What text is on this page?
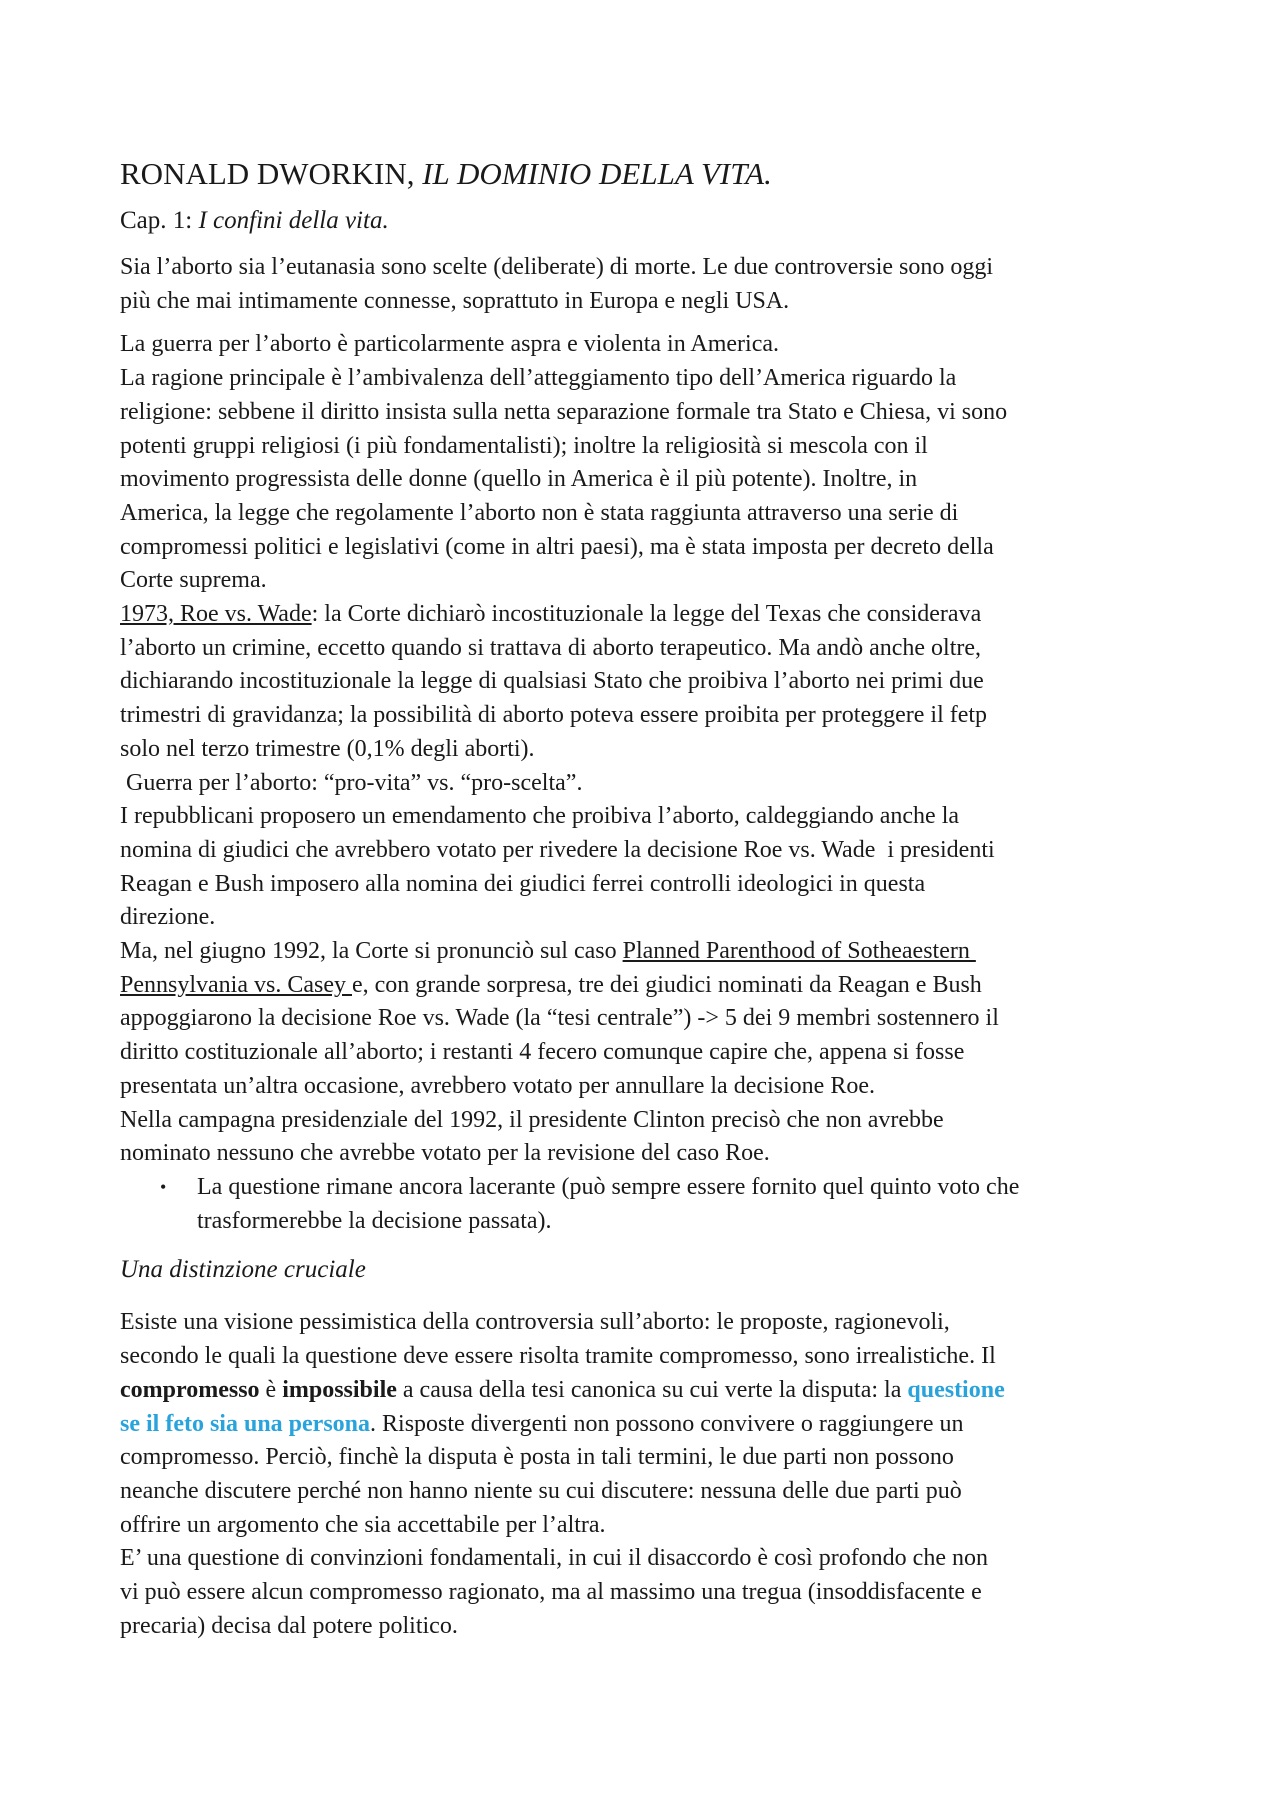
RONALD DWORKIN, IL DOMINIO DELLA VITA.
Cap. 1: I confini della vita.
Sia l’aborto sia l’eutanasia sono scelte (deliberate) di morte. Le due controversie sono oggi
più che mai intimamente connesse, soprattuto in Europa e negli USA.
La guerra per l’aborto è particolarmente aspra e violenta in America.
La ragione principale è l’ambivalenza dell’atteggiamento tipo dell’America riguardo la
religione: sebbene il diritto insista sulla netta separazione formale tra Stato e Chiesa, vi sono
potenti gruppi religiosi (i più fondamentalisti); inoltre la religiosità si mescola con il
movimento progressista delle donne (quello in America è il più potente). Inoltre, in
America, la legge che regolamente l’aborto non è stata raggiunta attraverso una serie di
compromessi politici e legislativi (come in altri paesi), ma è stata imposta per decreto della
Corte suprema.
1973, Roe vs. Wade: la Corte dichiarò incostituzionale la legge del Texas che considerava
l’aborto un crimine, eccetto quando si trattava di aborto terapeutico. Ma andò anche oltre,
dichiarando incostituzionale la legge di qualsiasi Stato che proibiva l’aborto nei primi due
trimestri di gravidanza; la possibilità di aborto poteva essere proibita per proteggere il fetp
solo nel terzo trimestre (0,1% degli aborti).
Guerra per l’aborto: “pro-vita” vs. “pro-scelta”.
I repubblicani proposero un emendamento che proibiva l’aborto, caldeggiando anche la
nomina di giudici che avrebbero votato per rivedere la decisione Roe vs. Wade  i presidenti
Reagan e Bush imposero alla nomina dei giudici ferrei controlli ideologici in questa
direzione.
Ma, nel giugno 1992, la Corte si pronunciò sul caso Planned Parenthood of Sotheaestern
Pennsylvania vs. Casey e, con grande sorpresa, tre dei giudici nominati da Reagan e Bush
appoggiarono la decisione Roe vs. Wade (la “tesi centrale”) -> 5 dei 9 membri sostennero il
diritto costituzionale all’aborto; i restanti 4 fecero comunque capire che, appena si fosse
presentata un’altra occasione, avrebbero votato per annullare la decisione Roe.
Nella campagna presidenziale del 1992, il presidente Clinton precisò che non avrebbe
nominato nessuno che avrebbe votato per la revisione del caso Roe.
• La questione rimane ancora lacerante (può sempre essere fornito quel quinto voto che
trasformerebbe la decisione passata).
Una distinzione cruciale
Esiste una visione pessimistica della controversia sull’aborto: le proposte, ragionevoli,
secondo le quali la questione deve essere risolta tramite compromesso, sono irrealistiche. Il
compromesso è impossibile a causa della tesi canonica su cui verte la disputa: la questione
se il feto sia una persona. Risposte divergenti non possono convivere o raggiungere un
compromesso. Perciò, finchè la disputa è posta in tali termini, le due parti non possono
neanche discutere perché non hanno niente su cui discutere: nessuna delle due parti può
offrire un argomento che sia accettabile per l’altra.
E’ una questione di convinzioni fondamentali, in cui il disaccordo è così profondo che non
vi può essere alcun compromesso ragionato, ma al massimo una tregua (insoddisfacente e
precaria) decisa dal potere politico.
